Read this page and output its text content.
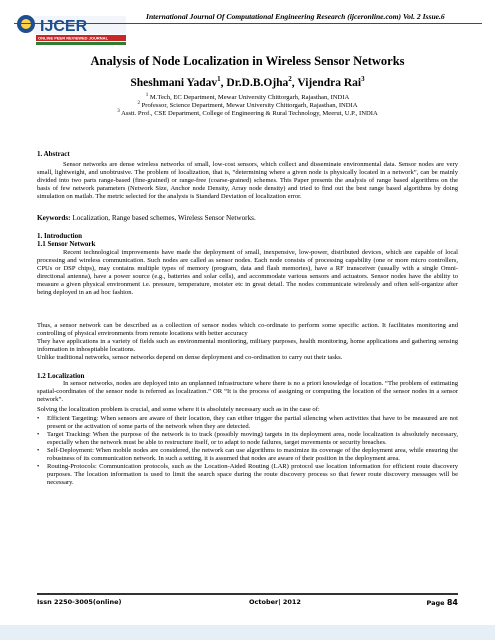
IJCER
ONLINE PEER REVIEWED JOURNAL
International Journal Of Computational Engineering Research (ijceronline.com) Vol. 2 Issue.6
Analysis of Node Localization in Wireless Sensor Networks
Sheshmani Yadav$^1$, Dr.D.B.Ojha$^2$, Vijendra Rai$^3$
$^1$ M.Tech, EC Department, Mewar University Chittorgarh, Rajasthan, INDIA
$^2$ Professor, Science Department, Mewar University Chittorgarh, Rajasthan, INDIA
$^3$ Asstt. Prof., CSE Department, College of Engineering & Rural Technology, Meerut, U.P., INDIA
1. Abstract
Sensor networks are dense wireless networks of small, low-cost sensors, which collect and disseminate environmental data. Sensor nodes are very small, lightweight, and unobtrusive. The problem of localization, that is, “determining where a given node is physically located in a network”, can be mainly divided into two parts range-based (fine-grained) or range-free (coarse-grained) schemes. This Paper presents the analysis of range based algorithms on the basis of few network parameters (Network Size, Anchor node Density, Array node density) and tried to find out the best range based algorithms by doing simulation on matlab. The metric selected for the analysis is Standard Deviation of localization error.
Keywords: Localization, Range based schemes, Wireless Sensor Networks.
1. Introduction
1.1 Sensor Network
Recent technological improvements have made the deployment of small, inexpensive, low-power, distributed devices, which are capable of local processing and wireless communication. Such nodes are called as sensor nodes. Each node consists of processing capability (one or more micro controllers, CPUs or DSP chips), may contains multiple types of memory (program, data and flash memories), have a RF transceiver (usually with a single Omni- directional antenna), have a power source (e.g., batteries and solar cells), and accommodate various sensors and actuators. Sensor nodes have the ability to measure a given physical environment i.e. pressure, temperature, moister etc in great detail. The nodes communicate wirelessly and often self-organize after being deployed in an ad hoc fashion.
Thus, a sensor network can be described as a collection of sensor nodes which co-ordinate to perform some specific action. It facilitates monitoring and controlling of physical environments from remote locations with better accuracy
They have applications in a variety of fields such as environmental monitoring, military purposes, health monitoring, home applications and gathering sensing information in inhospitable locations.
Unlike traditional networks, sensor networks depend on dense deployment and co-ordination to carry out their tasks.
1.2 Localization
In sensor networks, nodes are deployed into an unplanned infrastructure where there is no a priori knowledge of location. “The problem of estimating spatial-coordinates of the sensor node is referred as localization.” OR “It is the process of assigning or computing the location of the sensor nodes in a sensor network”.
Solving the localization problem is crucial, and some where it is absolutely necessary such as in the case of:
• Efficient Targeting: When sensors are aware of their location, they can either trigger the partial silencing when activities that have to be measured are not present or the activation of some parts of the network when they are detected.
• Target Tracking: When the purpose of the network is to track (possibly moving) targets in its deployment area, node localization is absolutely necessary, especially when the network must be able to restructure itself, or to adapt to node failures, target movements or security breaches.
• Self-Deployment: When mobile nodes are considered, the network can use algorithms to maximize its coverage of the deployment area, while ensuring the robustness of its communication network. In such a setting, it is assumed that nodes are aware of their position in the deployment area.
• Routing-Protocols: Communication protocols, such as the Location-Aided Routing (LAR) protocol use location information for efficient route discovery purposes. The location information is used to limit the search space during the route discovery process so that fewer route discovery messages will be necessary.
Issn 2250-3005(online)	October| 2012	Page 84
